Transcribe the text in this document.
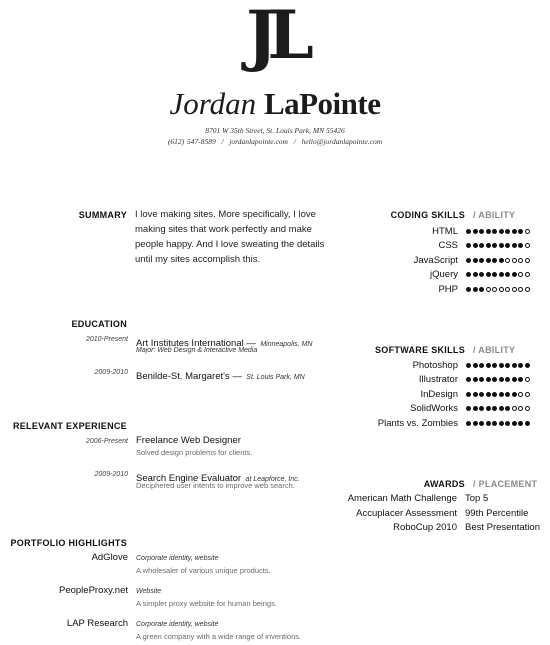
JL
Jordan LaPointe
8701 W 35th Street, St. Louis Park, MN 55426
(612) 547-8589 / jordanlapointe.com / hello@jordanlapointe.com
SUMMARY I love making sites. More specifically, I love making sites that work perfectly and make people happy. And I love sweating the details until my sites accomplish this.
EDUCATION
2010-Present Art Institutes International — Minneapolis, MN
Major: Web Design & Interactive Media
2009-2010 Benilde-St. Margaret's — St. Louis Park, MN
RELEVANT EXPERIENCE
2006-Present Freelance Web Designer
Solved design problems for clients.
2009-2010 Search Engine Evaluator at Leapforce, Inc.
Deciphered user intents to improve web search.
PORTFOLIO HIGHLIGHTS
AdGlove Corporate identity, website
A wholesaler of various unique products.
PeopleProxy.net Website
A simpler proxy website for human beings.
LAP Research Corporate identity, website
A green company with a wide range of inventions.
CODING SKILLS / ABILITY
HTML
CSS
JavaScript
jQuery
PHP
SOFTWARE SKILLS / ABILITY
Photoshop
Illustrator
InDesign
SolidWorks
Plants vs. Zombies
AWARDS / PLACEMENT
American Math Challenge Top 5
Accuplacer Assessment 99th Percentile
RoboCup 2010 Best Presentation
